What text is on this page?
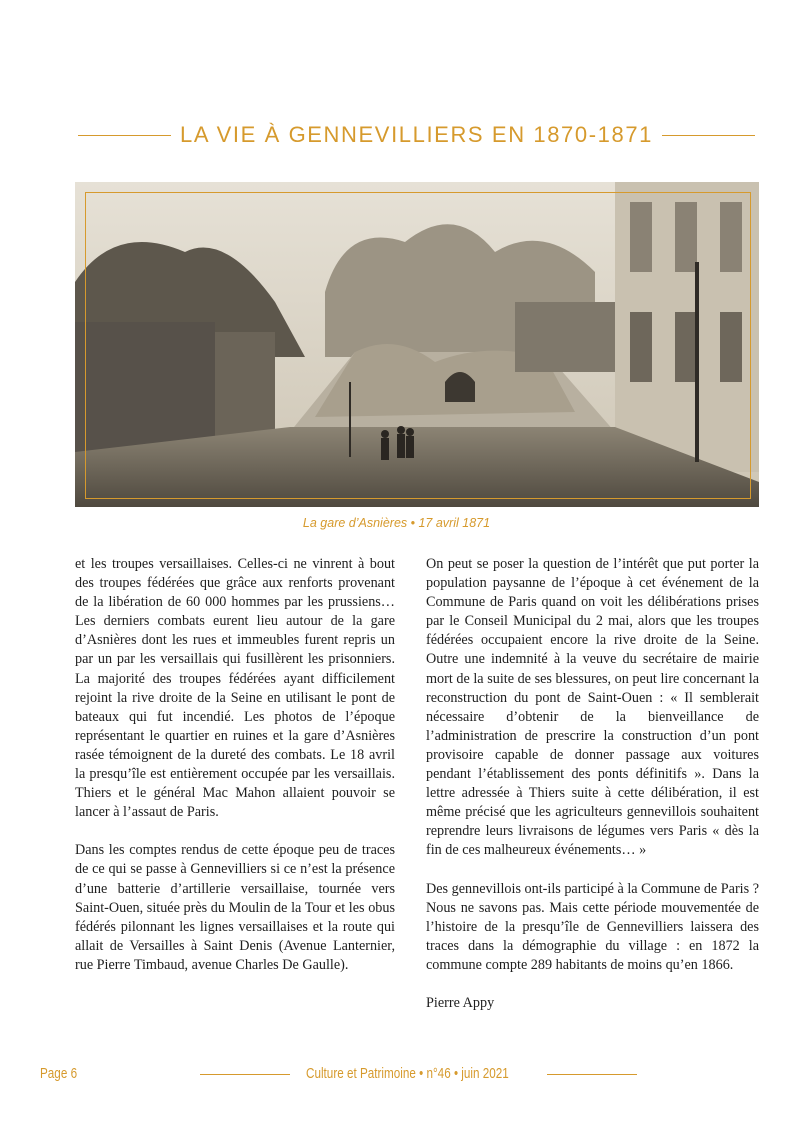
LA VIE À GENNEVILLIERS EN 1870-1871
La gare d’Asnières • 17 avril 1871

et les troupes versaillaises. Celles-ci ne vinrent à bout des troupes fédérées que grâce aux renforts provenant de la libération de 60 000 hommes par les prussiens… Les derniers combats eurent lieu autour de la gare d’Asnières dont les rues et immeubles furent repris un par un par les versaillais qui fusillèrent les prisonniers. La majorité des troupes fédérées ayant difficilement rejoint la rive droite de la Seine en utilisant le pont de bateaux qui fut incendié. Les photos de l’époque représentant le quartier en ruines et la gare d’Asnières rasée témoignent de la dureté des combats. Le 18 avril la presqu’île est entièrement occupée par les versaillais. Thiers et le général Mac Mahon allaient pouvoir se lancer à l’assaut de Paris.

Dans les comptes rendus de cette époque peu de traces de ce qui se passe à Gennevilliers si ce n’est la présence d’une batterie d’artillerie versaillaise, tournée vers Saint-Ouen, située près du Moulin de la Tour et les obus fédérés pilonnant les lignes versaillaises et la route qui allait de Versailles à Saint Denis (Avenue Lanternier, rue Pierre Timbaud, avenue Charles De Gaulle).

On peut se poser la question de l’intérêt que put porter la population paysanne de l’époque à cet événement de la Commune de Paris quand on voit les délibérations prises par le Conseil Municipal du 2 mai, alors que les troupes fédérées occupaient encore la rive droite de la Seine. Outre une indemnité à la veuve du secrétaire de mairie mort de la suite de ses blessures, on peut lire concernant la reconstruction du pont de Saint-Ouen : « Il semblerait nécessaire d’obtenir de la bienveillance de l’administration de prescrire la construction d’un pont provisoire capable de donner passage aux voitures pendant l’établissement des ponts définitifs ». Dans la lettre adressée à Thiers suite à cette délibération, il est même précisé que les agriculteurs gennevillois souhaitent reprendre leurs livraisons de légumes vers Paris « dès la fin de ces malheureux événements… »

Des gennevillois ont-ils participé à la Commune de Paris ? Nous ne savons pas. Mais cette période mouvementée de l’histoire de la presqu’île de Gennevilliers laissera des traces dans la démographie du village : en 1872 la commune compte 289 habitants de moins qu’en 1866.

Pierre Appy

Page 6	Culture et Patrimoine • n°46 • juin 2021
